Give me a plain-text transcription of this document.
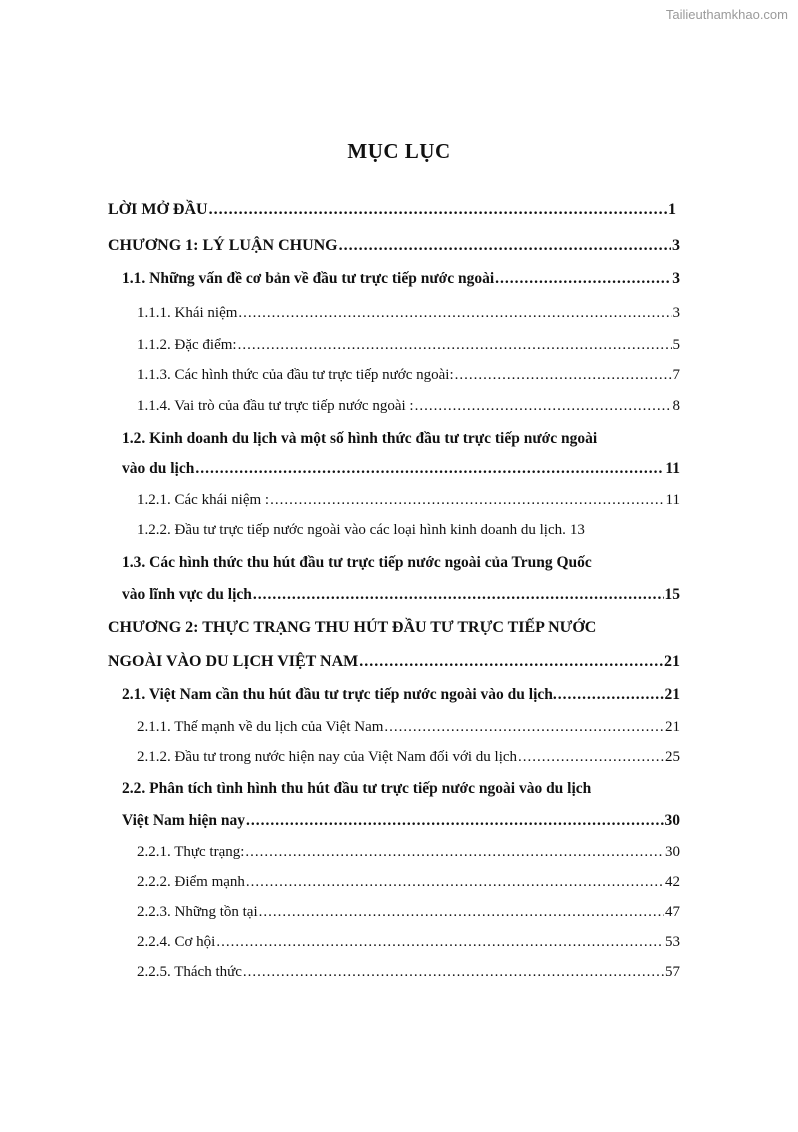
Tailieuthamkhao.com
MỤC LỤC
LỜI MỞ ĐẦU .....	1
CHƯƠNG 1: LÝ LUẬN CHUNG .....	3
1.1. Những vấn đề cơ bản về đầu tư trực tiếp nước ngoài .....	3
1.1.1. Khái niệm .....	3
1.1.2. Đặc điểm: .....	5
1.1.3. Các hình thức của đầu tư trực tiếp nước ngoài: .....	7
1.1.4. Vai trò của đầu tư trực tiếp nước ngoài : .....	8
1.2. Kinh doanh du lịch và một số hình thức đầu tư trực tiếp nước ngoài
vào du lịch .....	11
1.2.1. Các khái niệm : .....	11
1.2.2. Đầu tư trực tiếp nước ngoài vào các loại hình kinh doanh du lịch. 13
1.3. Các hình thức thu hút đầu tư trực tiếp nước ngoài của Trung Quốc
vào lĩnh vực du lịch .....	15
CHƯƠNG 2: THỰC TRẠNG THU HÚT ĐẦU TƯ TRỰC TIẾP NƯỚC
NGOÀI VÀO DU LỊCH VIỆT NAM .....	21
2.1. Việt Nam cần thu hút đầu tư trực tiếp nước ngoài vào du lịch. .....	21
2.1.1. Thế mạnh về du lịch của Việt Nam .....	21
2.1.2. Đầu tư trong nước hiện nay của Việt Nam đối với du lịch .....	25
2.2. Phân tích tình hình thu hút đầu tư trực tiếp nước ngoài vào du lịch
Việt Nam hiện nay .....	30
2.2.1. Thực trạng: .....	30
2.2.2. Điểm mạnh .....	42
2.2.3. Những tồn tại .....	47
2.2.4. Cơ hội .....	53
2.2.5. Thách thức .....	57
